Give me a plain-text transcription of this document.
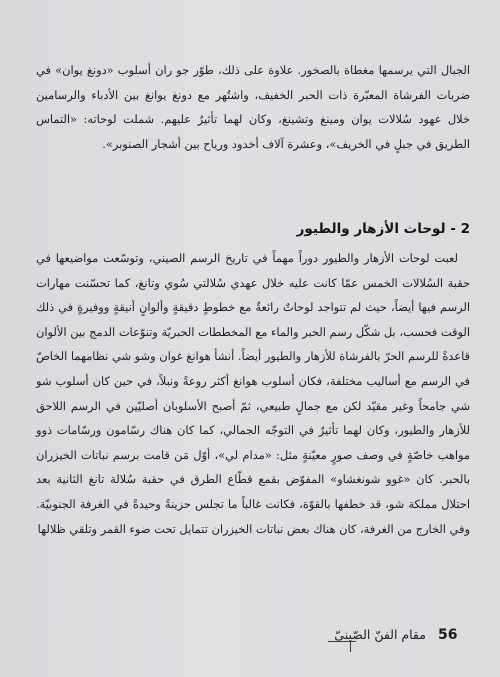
الجبال التي يرسمها مغطاة بالصخور. علاوة على ذلك، طوّر جو ران أسلوب «دونغ يوان» في ضربات الفرشاة المعبّرة ذات الحبر الخفيف، واشتُهر مع دونغ يوانغ بين الأدباء والرسامين خلال عهود سُلالات يوان ومينغ وتشينغ، وكان لهما تأثيرٌ عليهم. شملت لوحاته: «التماس الطريق في جبلٍ في الخريف»، وعشرة آلاف أخدود ورياح بين أشجار الصنوبر».
2 - لوحات الأزهار والطيور
لعبت لوحات الأزهار والطيور دوراً مهماً في تاريخ الرسم الصيني، وتوسّعت مواضيعها في حقبة السُلالات الخمس عمّا كانت عليه خلال عهدي سُلالتي سُوي وتانغ، كما تحسّنت مهارات الرسم فيها أيضاً، حيث لم تتواجد لوحاتٌ رائعةٌ مع خطوطٍ دقيقةٍ وألوانٍ أنيقةٍ ووفيرةٍ في ذلك الوقت فحسب، بل شكّل رسم الحبر والماء مع المخططات الحبريّة وتنوّعات الدمج بين الألوان قاعدةً للرسم الحرّ بالفرشاة للأزهار والطيور أيضاً. أنشأ هوانغ غوان وشو شي نظامهما الخاصّ في الرسم مع أساليب مختلفة، فكان أسلوب هوانغ أكثر روعةً ونبلاً، في حين كان أسلوب شو شي جامحاً وغير مقيّد لكن مع جمالٍ طبيعي، ثمّ أصبح الأسلوبان أصليّين في الرسم اللاحق للأزهار والطيور، وكان لهما تأثيرٌ في التوجّه الجمالي، كما كان هناك رسّامون ورسّامات ذوو مواهب خاصّةٍ في وصف صورٍ معيّنةٍ مثل: «مدام لي»، أوّل مَن قامت برسم نباتات الخيزران بالحبر. كان «غوو شونغشاو» المفوّض بقمع قطّاع الطرق في حقبة سُلالة تانغ الثانية بعد احتلال مملكة شو، قد خطفها بالقوّة، فكانت غالباً ما تجلس حزينةً وحيدةً في الغرفة الجنوبيّة. وفي الخارج من الغرفة، كان هناك بعض نباتات الخيزران تتمايل تحت ضوء القمر وتلقي ظلالها
56
مقام الفنّ الصّينيّ
